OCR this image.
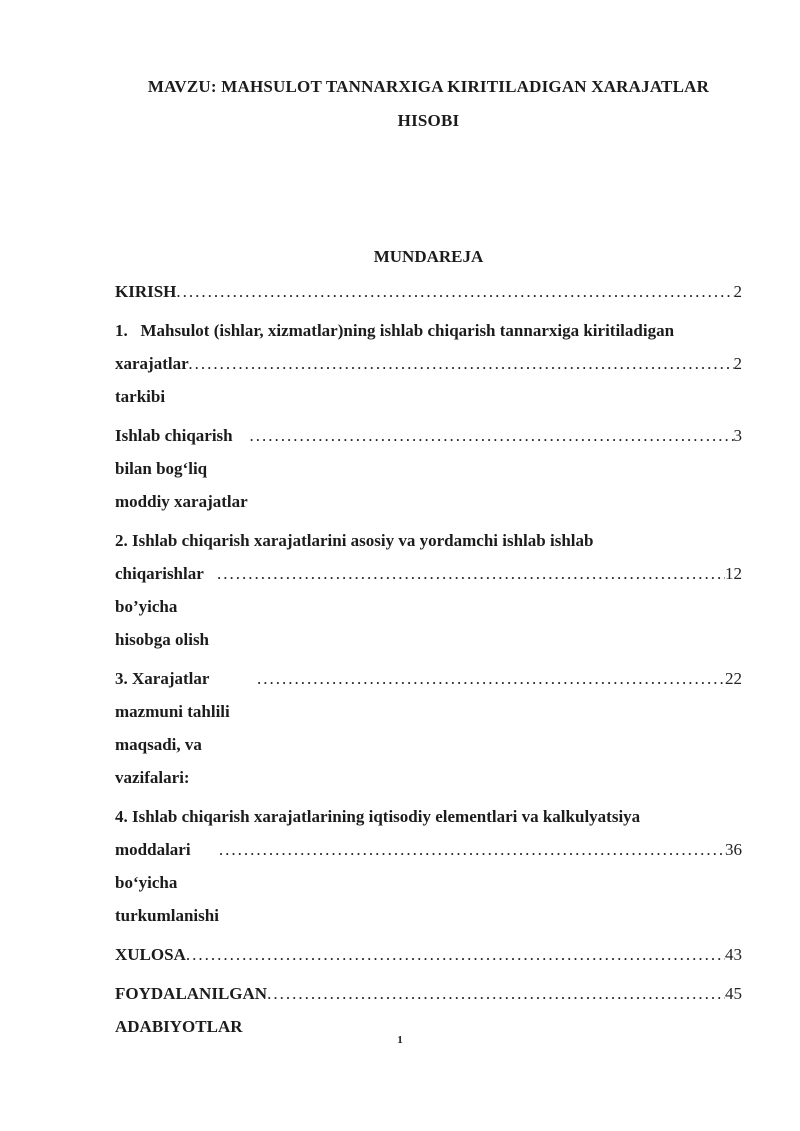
MAVZU: MAHSULOT TANNARXIGA KIRITILADIGAN XARAJATLAR
HISOBI
MUNDAREJA
KIRISH .....	2
1.   Mahsulot (ishlar, xizmatlar)ning ishlab chiqarish tannarxiga kiritiladigan
xarajatlar tarkibi
.....
2
Ishlab chiqarish bilan bog‘liq moddiy xarajatlar
.....
3
2. Ishlab chiqarish xarajatlarini asosiy va yordamchi ishlab ishlab
chiqarishlar bo’yicha hisobga olish
.....
12
3. Xarajatlar mazmuni tahlili maqsadi, va vazifalari:
.....
22
4. Ishlab chiqarish xarajatlarining iqtisodiy elementlari va kalkulyatsiya
moddalari bo‘yicha turkumlanishi
.....
36
XULOSA .....	43
FOYDALANILGAN ADABIYOTLAR
.....
45
1
